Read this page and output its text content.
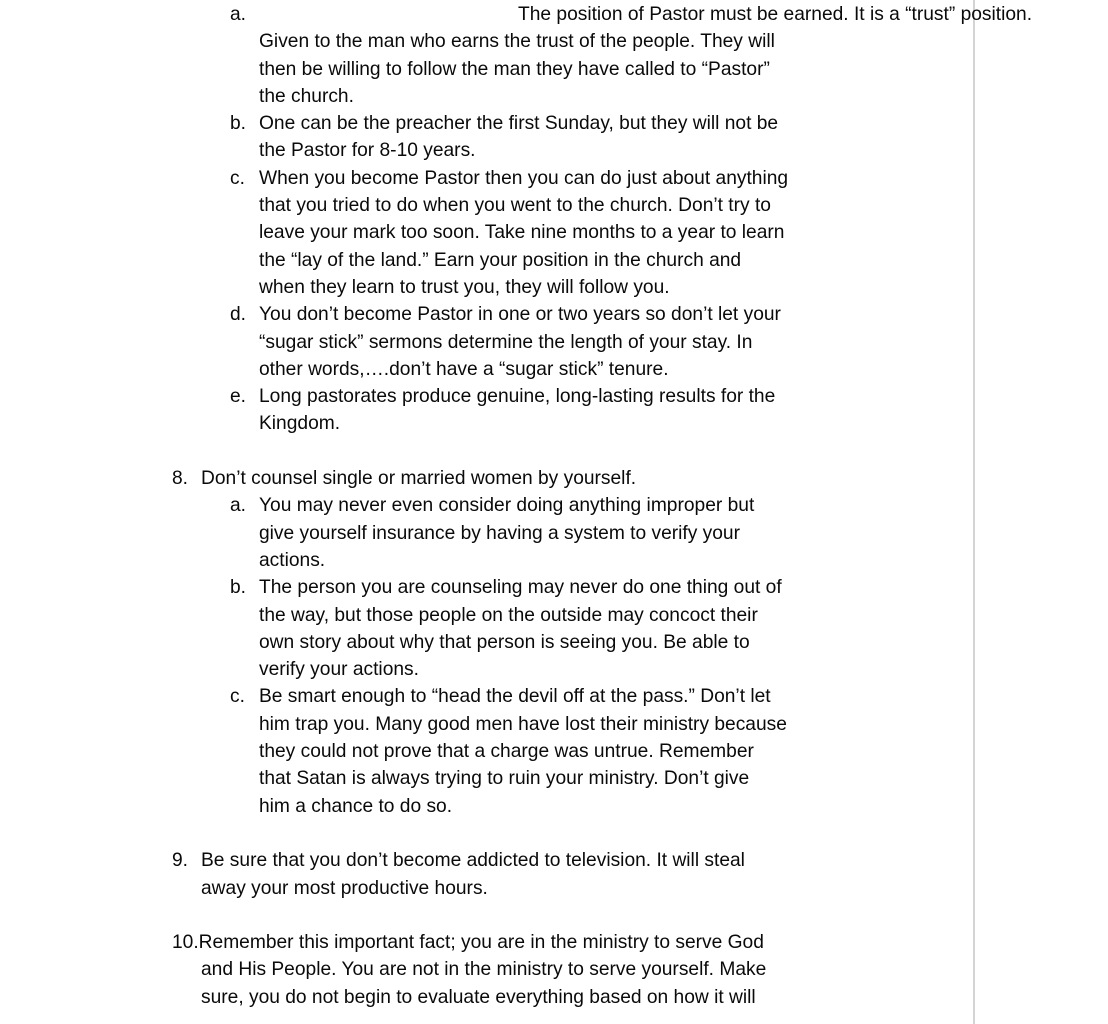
a.	The position of Pastor must be earned. It is a “trust” position.
Given to the man who earns the trust of the people. They will
then be willing to follow the man they have called to “Pastor”
the church.
b. One can be the preacher the first Sunday, but they will not be
the Pastor for 8-10 years.
c. When you become Pastor then you can do just about anything
that you tried to do when you went to the church. Don’t try to
leave your mark too soon. Take nine months to a year to learn
the “lay of the land.” Earn your position in the church and
when they learn to trust you, they will follow you.
d. You don’t become Pastor in one or two years so don’t let your
“sugar stick” sermons determine the length of your stay. In
other words,….don’t have a “sugar stick” tenure.
e. Long pastorates produce genuine, long-lasting results for the
Kingdom.
8. Don’t counsel single or married women by yourself.
a. You may never even consider doing anything improper but
give yourself insurance by having a system to verify your
actions.
b. The person you are counseling may never do one thing out of
the way, but those people on the outside may concoct their
own story about why that person is seeing you. Be able to
verify your actions.
c. Be smart enough to “head the devil off at the pass.” Don’t let
him trap you. Many good men have lost their ministry because
they could not prove that a charge was untrue. Remember
that Satan is always trying to ruin your ministry. Don’t give
him a chance to do so.
9. Be sure that you don’t become addicted to television. It will steal
away your most productive hours.
10.Remember this important fact; you are in the ministry to serve God
and His People. You are not in the ministry to serve yourself. Make
sure, you do not begin to evaluate everything based on how it will
